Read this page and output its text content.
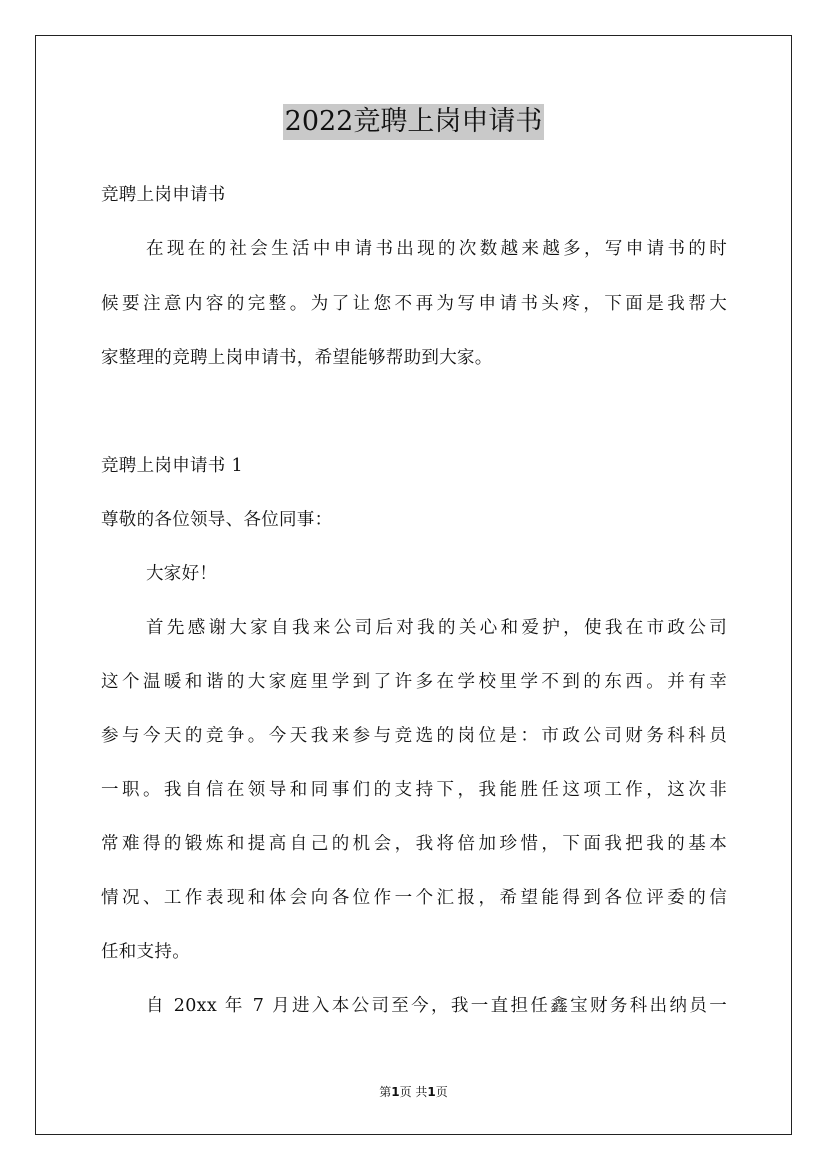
2022竞聘上岗申请书
竞聘上岗申请书
在现在的社会生活中申请书出现的次数越来越多，写申请书的时
候要注意内容的完整。为了让您不再为写申请书头疼，下面是我帮大
家整理的竞聘上岗申请书，希望能够帮助到大家。
竞聘上岗申请书 1
尊敬的各位领导、各位同事：
大家好！
首先感谢大家自我来公司后对我的关心和爱护，使我在市政公司
这个温暖和谐的大家庭里学到了许多在学校里学不到的东西。并有幸
参与今天的竞争。今天我来参与竞选的岗位是：市政公司财务科科员
一职。我自信在领导和同事们的支持下，我能胜任这项工作，这次非
常难得的锻炼和提高自己的机会，我将倍加珍惜，下面我把我的基本
情况、工作表现和体会向各位作一个汇报，希望能得到各位评委的信
任和支持。
自 20xx 年 7 月进入本公司至今，我一直担任鑫宝财务科出纳员一
第1页 共1页
